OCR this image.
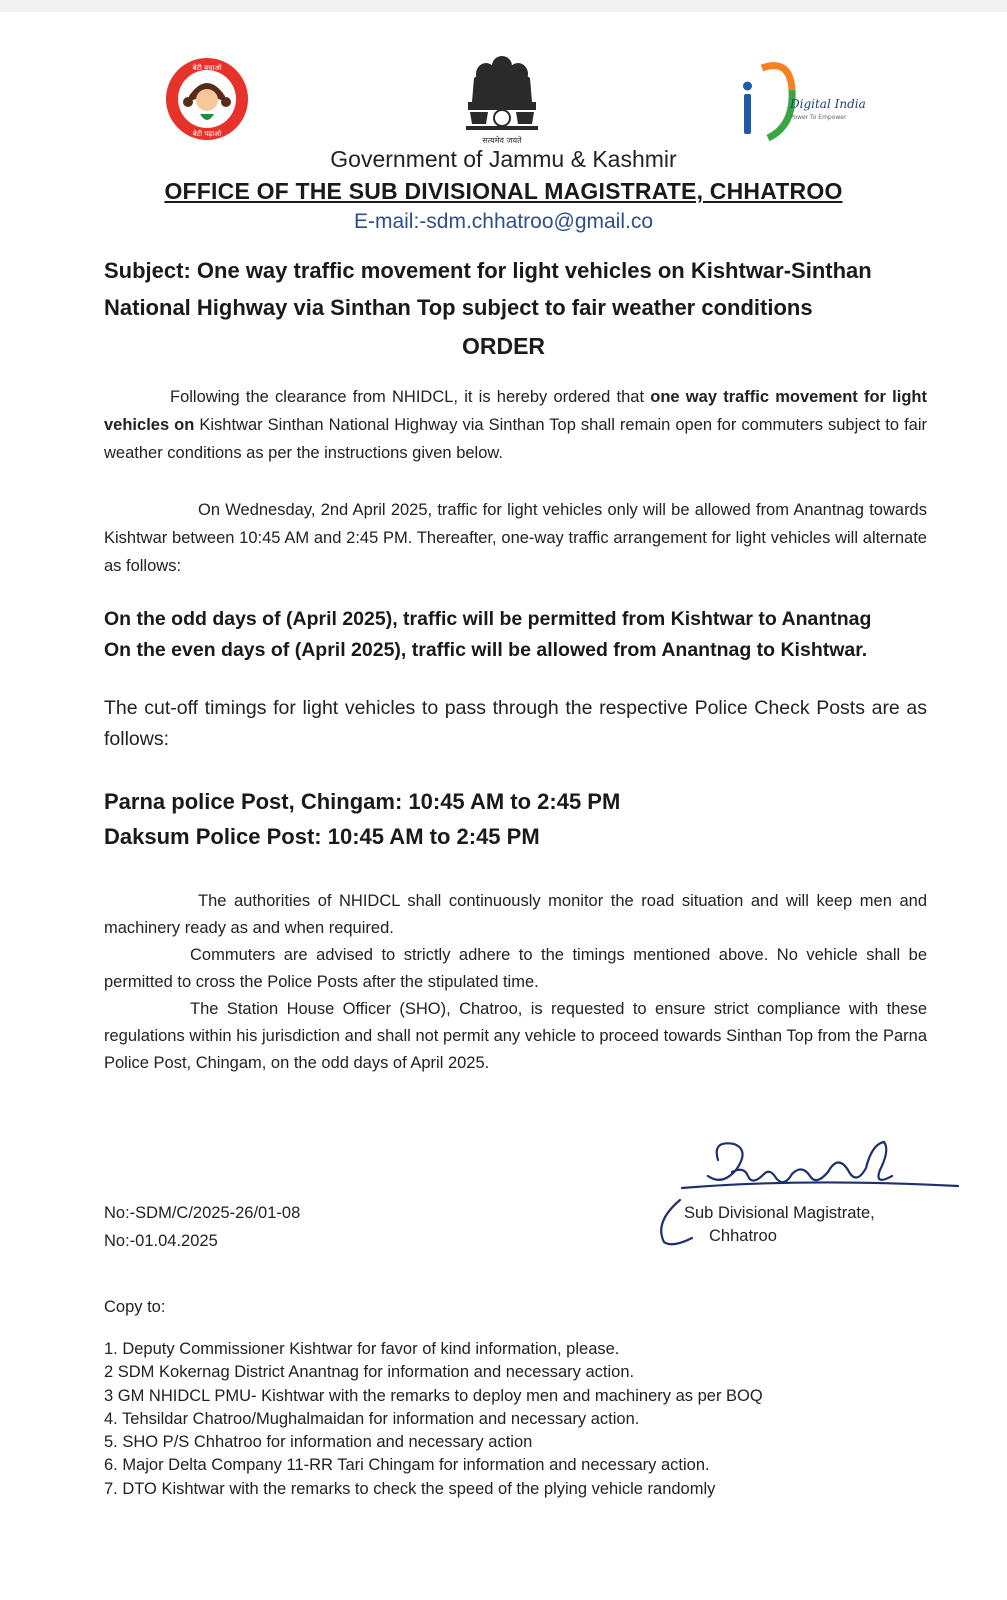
बेटी बचाओ
बेटी पढ़ाओ
सत्यमेव जयते
Digital India
Power To Empower
Government of Jammu & Kashmir
OFFICE OF THE SUB DIVISIONAL MAGISTRATE, CHHATROO
E-mail:-sdm.chhatroo@gmail.co
Subject: One way traffic movement for light vehicles on Kishtwar-Sinthan National Highway via Sinthan Top subject to fair weather conditions
ORDER
Following the clearance from NHIDCL, it is hereby ordered that one way traffic movement for light vehicles on Kishtwar Sinthan National Highway via Sinthan Top shall remain open for commuters subject to fair weather conditions as per the instructions given below.
On Wednesday, 2nd April 2025, traffic for light vehicles only will be allowed from Anantnag towards Kishtwar between 10:45 AM and 2:45 PM. Thereafter, one-way traffic arrangement for light vehicles will alternate as follows:
On the odd days of (April 2025), traffic will be permitted from Kishtwar to Anantnag
On the even days of (April 2025), traffic will be allowed from Anantnag to Kishtwar.
The cut-off timings for light vehicles to pass through the respective Police Check Posts are as follows:
Parna police Post, Chingam: 10:45 AM to 2:45 PM
Daksum Police Post: 10:45 AM to 2:45 PM
The authorities of NHIDCL shall continuously monitor the road situation and will keep men and machinery ready as and when required.
Commuters are advised to strictly adhere to the timings mentioned above. No vehicle shall be permitted to cross the Police Posts after the stipulated time.
The Station House Officer (SHO), Chatroo, is requested to ensure strict compliance with these regulations within his jurisdiction and shall not permit any vehicle to proceed towards Sinthan Top from the Parna Police Post, Chingam, on the odd days of April 2025.
No:-SDM/C/2025-26/01-08
No:-01.04.2025
Sub Divisional Magistrate,
Chhatroo
Copy to:
1. Deputy Commissioner Kishtwar for favor of kind information, please.
2 SDM Kokernag District Anantnag for information and necessary action.
3 GM NHIDCL PMU- Kishtwar with the remarks to deploy men and machinery as per BOQ
4. Tehsildar Chatroo/Mughalmaidan for information and necessary action.
5. SHO P/S Chhatroo for information and necessary action
6. Major Delta Company 11-RR Tari Chingam for information and necessary action.
7. DTO Kishtwar with the remarks to check the speed of the plying vehicle randomly
